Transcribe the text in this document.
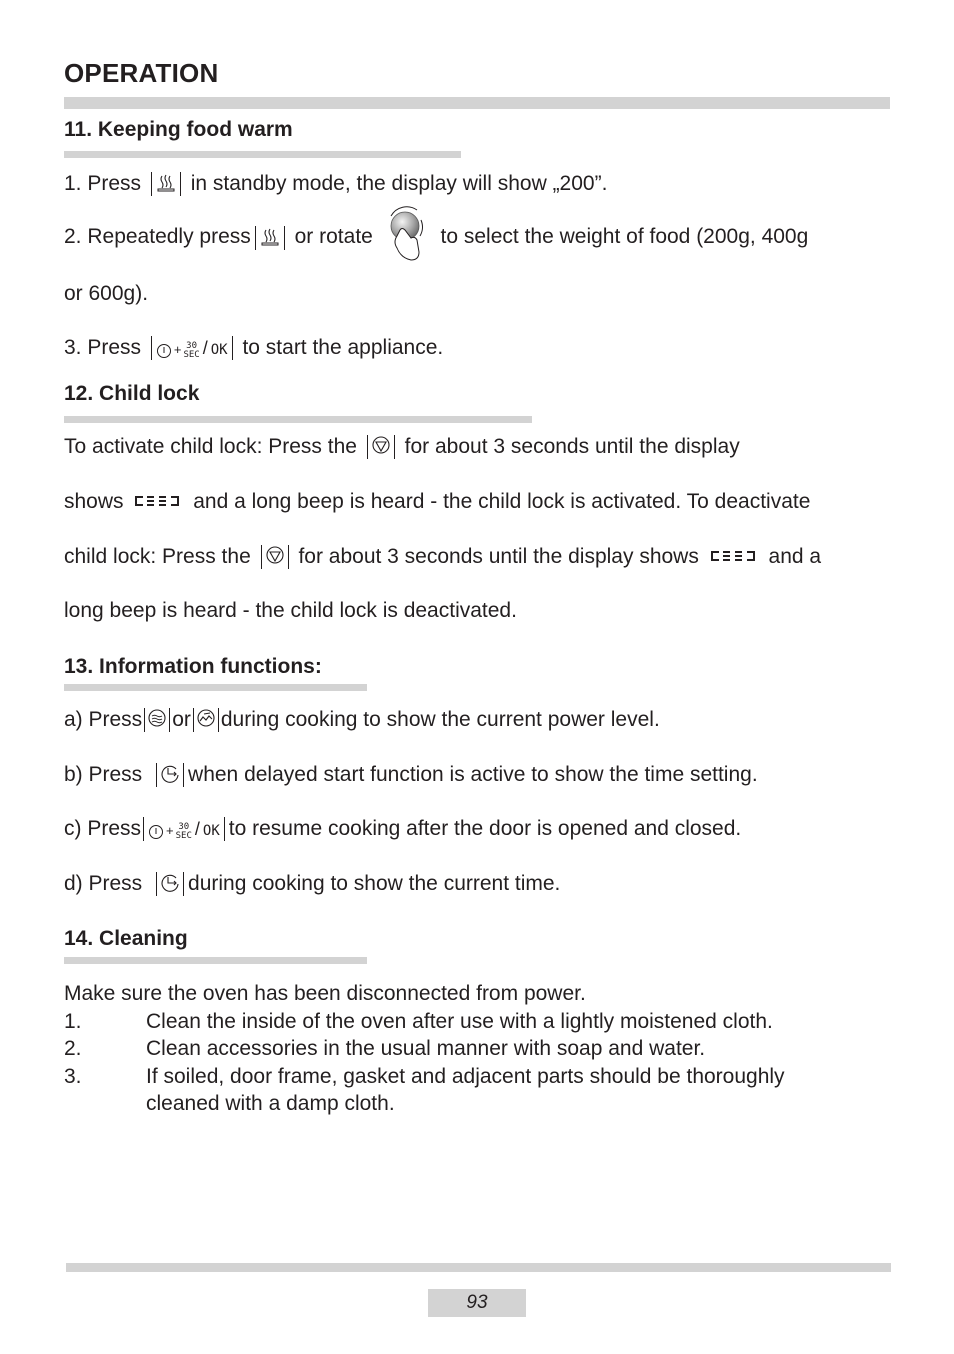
OPERATION
11. Keeping food warm
1. Press in standby mode, the display will show „200”.
2. Repeatedly press or rotate	to select the weight of food (200g, 400g
or 600g).
3. Press	+ 30
SEC / OK to start the appliance.
12. Child lock
To activate child lock: Press the for about 3 seconds until the display
shows	and a long beep is heard - the child lock is activated. To deactivate
child lock: Press the for about 3 seconds until the display shows	and a
long beep is heard - the child lock is deactivated.
13. Information functions:
a) Press or during cooking to show the current power level.
b) Press when delayed start function is active to show the time setting.
c) Press + 30
SEC / OK to resume cooking after the door is opened and closed.
d) Press during cooking to show the current time.
14. Cleaning
Make sure the oven has been disconnected from power.
1.	Clean the inside of the oven after use with a lightly moistened cloth.
2.	Clean accessories in the usual manner with soap and water.
3.	If soiled, door frame, gasket and adjacent parts should be thoroughly
cleaned with a damp cloth.
93
